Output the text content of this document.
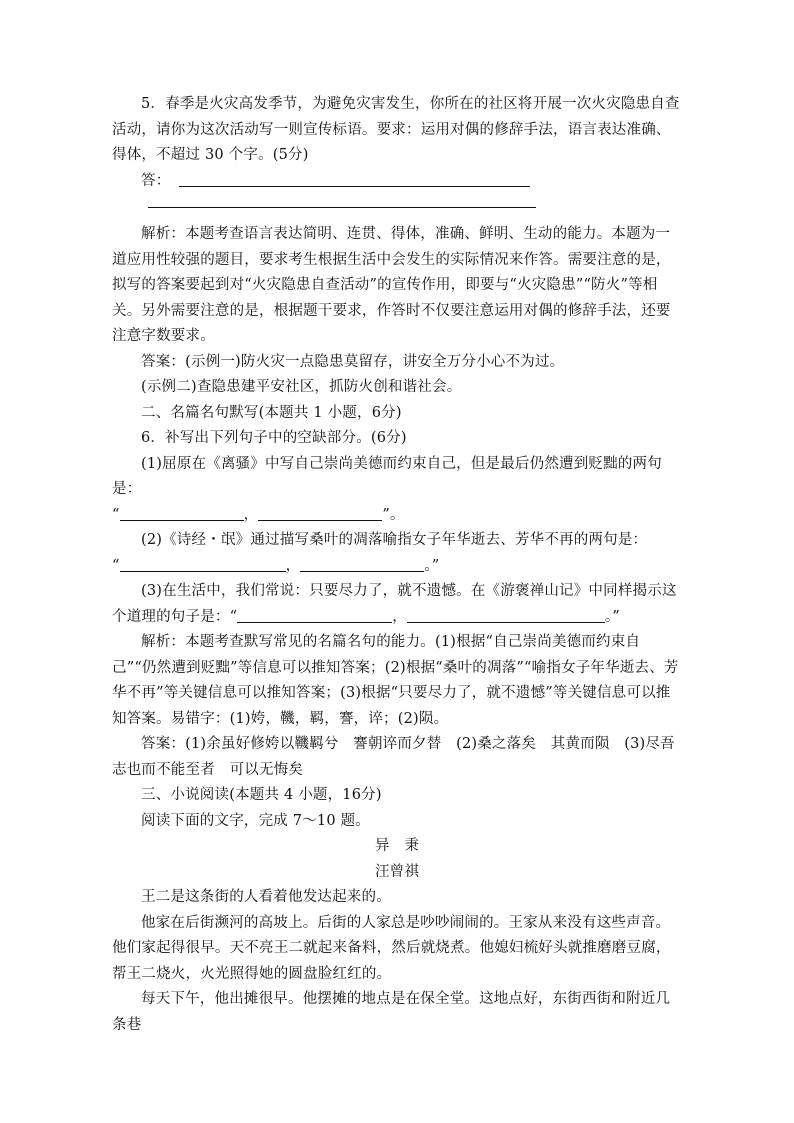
5．春季是火灾高发季节，为避免灾害发生，你所在的社区将开展一次火灾隐患自查活动，请你为这次活动写一则宣传标语。要求：运用对偶的修辞手法，语言表达准确、得体，不超过 30 个字。(5分)

答：

解析：本题考查语言表达简明、连贯、得体，准确、鲜明、生动的能力。本题为一道应用性较强的题目，要求考生根据生活中会发生的实际情况来作答。需要注意的是，拟写的答案要起到对“火灾隐患自查活动”的宣传作用，即要与“火灾隐患”“防火”等相关。另外需要注意的是，根据题干要求，作答时不仅要注意运用对偶的修辞手法，还要注意字数要求。

答案：(示例一)防火灾一点隐患莫留存，讲安全万分小心不为过。

(示例二)查隐患建平安社区，抓防火创和谐社会。

二、名篇名句默写(本题共 1 小题，6分)

6．补写出下列句子中的空缺部分。(6分)

(1)屈原在《离骚》中写自己崇尚美德而约束自己，但是最后仍然遭到贬黜的两句是：

“	，	”。

(2)《诗经・氓》通过描写桑叶的凋落喻指女子年华逝去、芳华不再的两句是：

“	，	。”

(3)在生活中，我们常说：只要尽力了，就不遗憾。在《游褒禅山记》中同样揭示这个道理的句子是：“	，	。”

解析：本题考查默写常见的名篇名句的能力。(1)根据“自己崇尚美德而约束自己”“仍然遭到贬黜”等信息可以推知答案；(2)根据“桑叶的凋落”“喻指女子年华逝去、芳华不再”等关键信息可以推知答案；(3)根据“只要尽力了，就不遗憾”等关键信息可以推知答案。易错字：(1)姱，鞿，羁，謇，谇；(2)陨。

答案：(1)余虽好修姱以鞿羁兮　謇朝谇而夕替　(2)桑之落矣　其黄而陨　(3)尽吾志也而不能至者　可以无悔矣

三、小说阅读(本题共 4 小题，16分)

阅读下面的文字，完成 7～10 题。

异　秉

汪曾祺

王二是这条街的人看着他发达起来的。

他家在后街濒河的高坡上。后街的人家总是吵吵闹闹的。王家从来没有这些声音。他们家起得很早。天不亮王二就起来备料，然后就烧煮。他媳妇梳好头就推磨磨豆腐，帮王二烧火，火光照得她的圆盘脸红红的。

每天下午，他出摊很早。他摆摊的地点是在保全堂。这地点好，东街西街和附近几条巷
